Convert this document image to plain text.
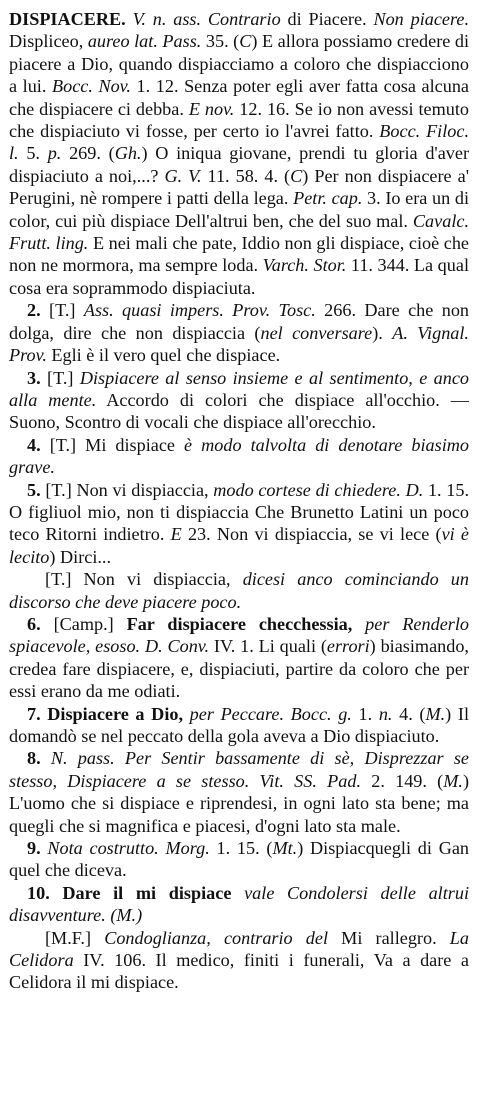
DISPIACERE. V. n. ass. Contrario di Piacere. Non piacere. Displiceo, aureo lat. Pass. 35. (C) E allora possiamo credere di piacere a Dio, quando dispiacciamo a coloro che dispiacciono a lui. Bocc. Nov. 1. 12. Senza poter egli aver fatta cosa alcuna che dispiacere ci debba. E nov. 12. 16. Se io non avessi temuto che dispiaciuto vi fosse, per certo io l'avrei fatto. Bocc. Filoc. l. 5. p. 269. (Gh.) O iniqua giovane, prendi tu gloria d'aver dispiaciuto a noi,...? G. V. 11. 58. 4. (C) Per non dispiacere a' Perugini, nè rompere i patti della lega. Petr. cap. 3. Io era un di color, cui più dispiace Dell'altrui ben, che del suo mal. Cavalc. Frutt. ling. E nei mali che pate, Iddio non gli dispiace, cioè che non ne mormora, ma sempre loda. Varch. Stor. 11. 344. La qual cosa era soprammodo dispiaciuta.

2. [T.] Ass. quasi impers. Prov. Tosc. 266. Dare che non dolga, dire che non dispiaccia (nel conversare). A. Vignal. Prov. Egli è il vero quel che dispiace.

3. [T.] Dispiacere al senso insieme e al sentimento, e anco alla mente. Accordo di colori che dispiace all'occhio. — Suono, Scontro di vocali che dispiace all'orecchio.

4. [T.] Mi dispiace è modo talvolta di denotare biasimo grave.

5. [T.] Non vi dispiaccia, modo cortese di chiedere. D. 1. 15. O figliuol mio, non ti dispiaccia Che Brunetto Latini un poco teco Ritorni indietro. E 23. Non vi dispiaccia, se vi lece (vi è lecito) Dirci...

[T.] Non vi dispiaccia, dicesi anco cominciando un discorso che deve piacere poco.

6. [Camp.] Far dispiacere checchessia, per Renderlo spiacevole, esoso. D. Conv. IV. 1. Li quali (errori) biasimando, credea fare dispiacere, e, dispiaciuti, partire da coloro che per essi erano da me odiati.

7. Dispiacere a Dio, per Peccare. Bocc. g. 1. n. 4. (M.) Il domandò se nel peccato della gola aveva a Dio dispiaciuto.

8. N. pass. Per Sentir bassamente di sè, Disprezzar se stesso, Dispiacere a se stesso. Vit. SS. Pad. 2. 149. (M.) L'uomo che si dispiace e riprendesi, in ogni lato sta bene; ma quegli che si magnifica e piacesi, d'ogni lato sta male.

9. Nota costrutto. Morg. 1. 15. (Mt.) Dispiacquegli di Gan quel che diceva.

10. Dare il mi dispiace vale Condolersi delle altrui disavventure. (M.)

[M.F.] Condoglianza, contrario del Mi rallegro. La Celidora IV. 106. Il medico, finiti i funerali, Va a dare a Celidora il mi dispiace.
